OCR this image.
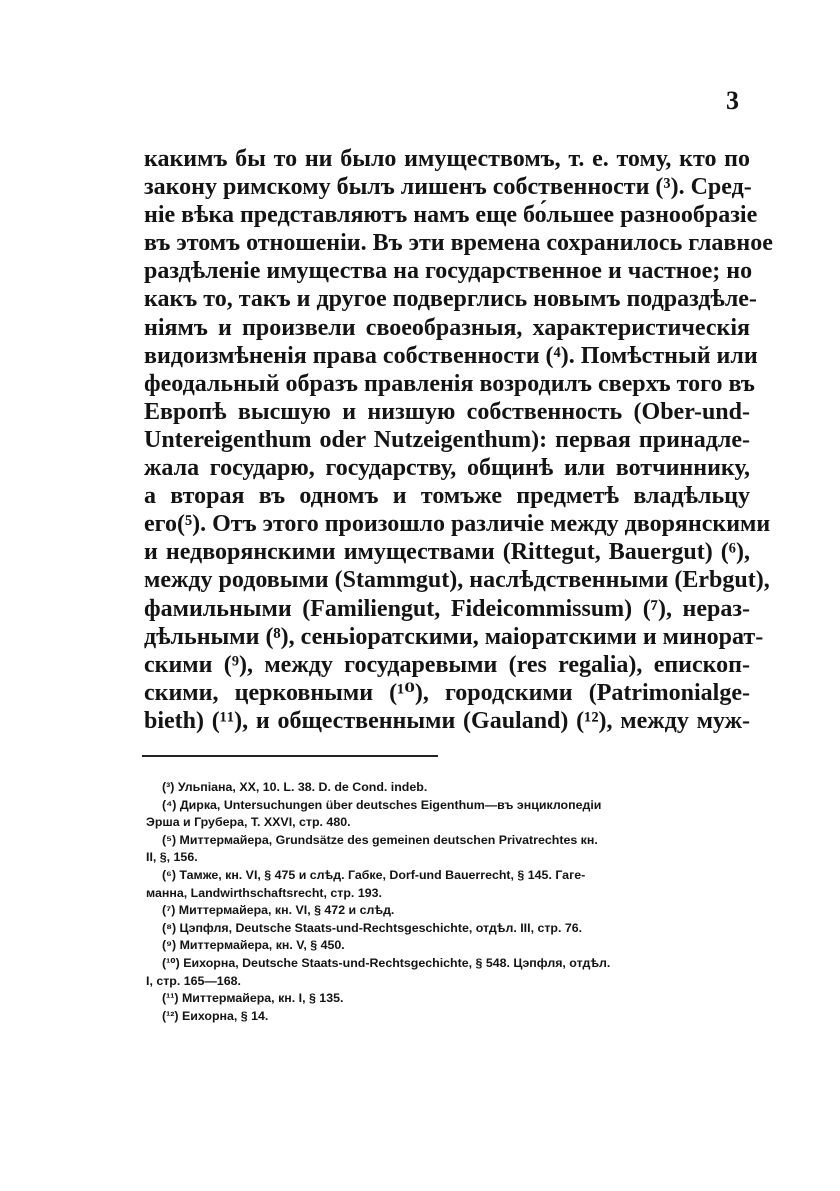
3
какимъ бы то ни было имуществомъ, т. е. тому, кто по
закону римскому былъ лишенъ собственности (³). Сред-
ніе вѣка представляютъ намъ еще бо́льшее разнообразіе
въ этомъ отношеніи. Въ эти времена сохранилось главное
раздѣленіе имущества на государственное и частное; но
какъ то, такъ и другое подверглись новымъ подраздѣле-
ніямъ и произвели своеобразныя, характеристическія
видоизмѣненія права собственности (⁴). Помѣстный или
феодальный образъ правленія возродилъ сверхъ того въ
Европѣ высшую и низшую собственность (Ober-und-
Untereigenthum oder Nutzeigenthum): первая принадле-
жала государю, государству, общинѣ или вотчиннику,
а вторая въ одномъ и томъже предметѣ владѣльцу
его(⁵). Отъ этого произошло различіе между дворянскими
и недворянскими имуществами (Rittegut, Bauergut) (⁶),
между родовыми (Stammgut), наслѣдственными (Erbgut),
фамильными (Familiengut, Fideicommissum) (⁷), нераз-
дѣльными (⁸), сеньіоратскими, маіоратскими и минорат-
скими (⁹), между государевыми (res regalia), епископ-
скими, церковными (¹⁰), городскими (Patrimonialge-
bieth) (¹¹), и общественными (Gauland) (¹²), между муж-
(³) Ульпіана, XX, 10. L. 38. D. de Cond. indeb.
(⁴) Дирка, Untersuchungen über deutsches Eigenthum—въ энциклопедіи
Эрша и Грубера, Т. XXVI, стр. 480.
(⁵) Миттермайера, Grundsätze des gemeinen deutschen Privatrechtes кн.
II, §, 156.
(⁶) Тамже, кн. VI, § 475 и слѣд. Габке, Dorf-und Bauerrecht, § 145. Гаге-
манна, Landwirthschaftsrecht, стр. 193.
(⁷) Миттермайера, кн. VI, § 472 и слѣд.
(⁸) Цэпфля, Deutsche Staats-und-Rechtsgeschichte, отдѣл. III, стр. 76.
(⁹) Миттермайера, кн. V, § 450.
(¹⁰) Еихорна, Deutsche Staats-und-Rechtsgechichte, § 548. Цэпфля, отдѣл.
I, стр. 165—168.
(¹¹) Миттермайера, кн. I, § 135.
(¹²) Еихорна, § 14.
